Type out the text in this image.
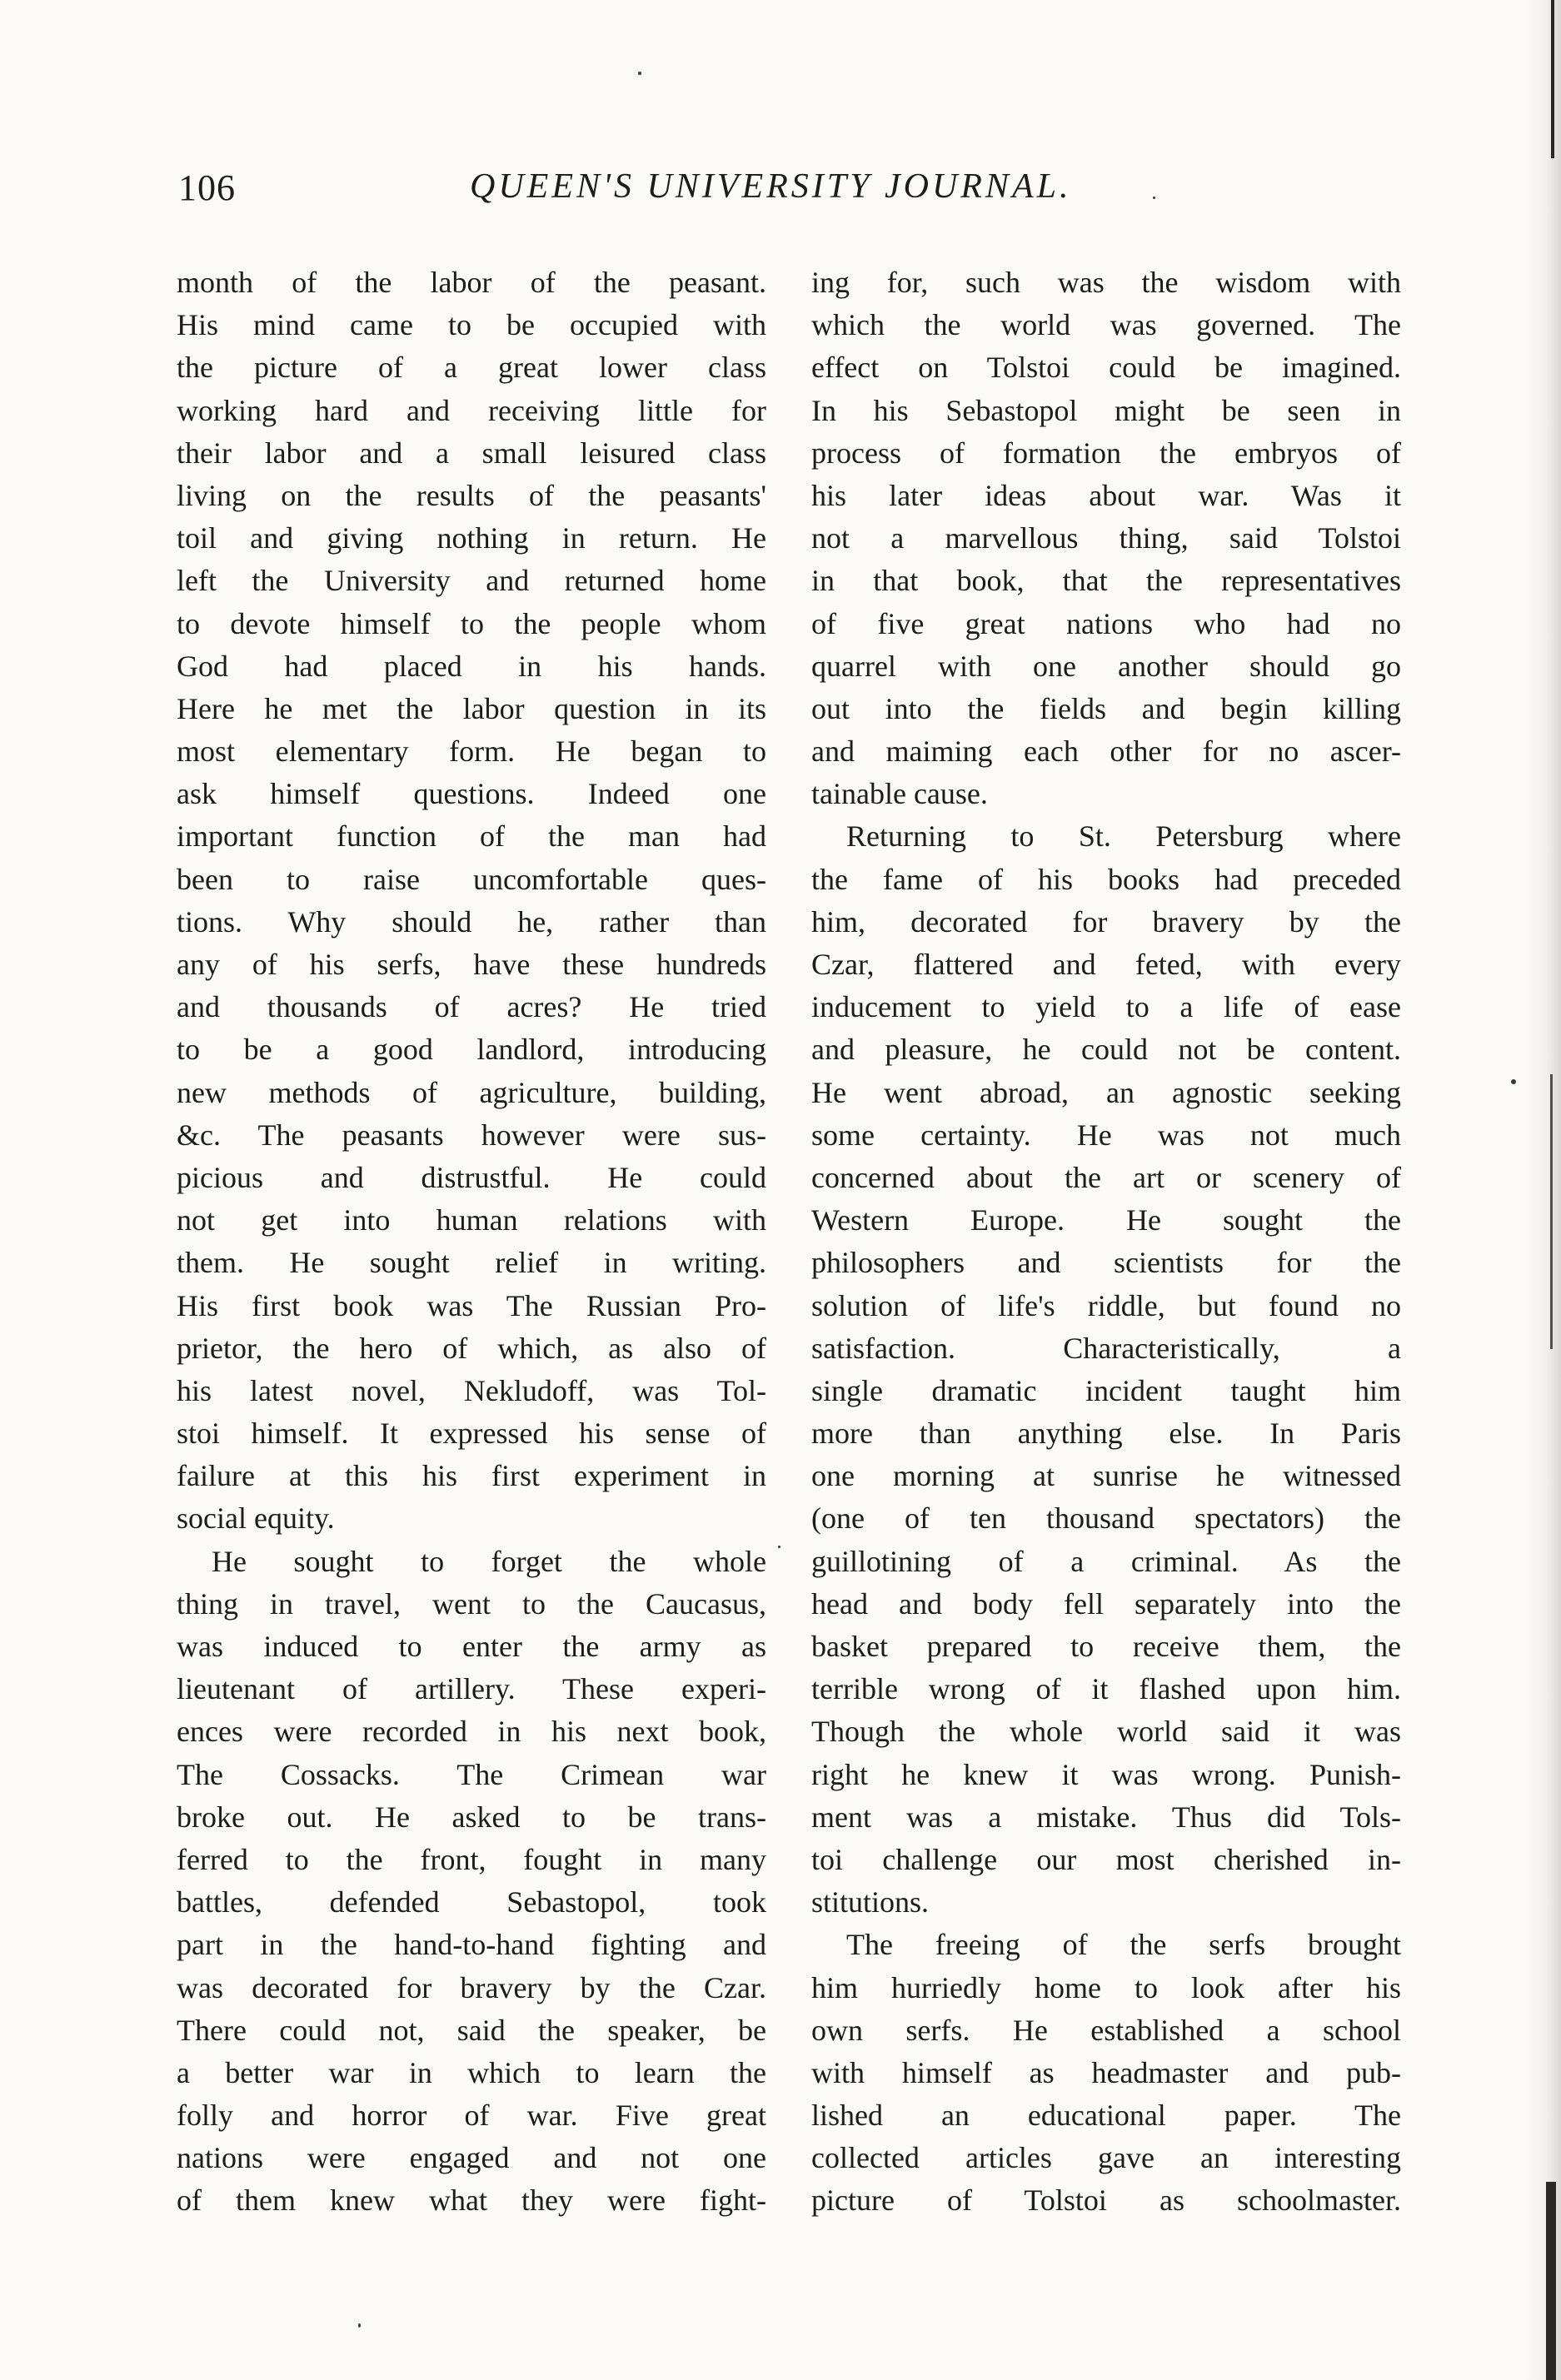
106	QUEEN'S UNIVERSITY JOURNAL.
month of the labor of the peasant.
His mind came to be occupied with
the picture of a great lower class
working hard and receiving little for
their labor and a small leisured class
living on the results of the peasants'
toil and giving nothing in return. He
left the University and returned home
to devote himself to the people whom
God had placed in his hands.
Here he met the labor question in its
most elementary form. He began to
ask himself questions. Indeed one
important function of the man had
been to raise uncomfortable ques-
tions. Why should he, rather than
any of his serfs, have these hundreds
and thousands of acres? He tried
to be a good landlord, introducing
new methods of agriculture, building,
&c. The peasants however were sus-
picious and distrustful. He could
not get into human relations with
them. He sought relief in writing.
His first book was The Russian Pro-
prietor, the hero of which, as also of
his latest novel, Nekludoff, was Tol-
stoi himself. It expressed his sense of
failure at this his first experiment in
social equity.
He sought to forget the whole
thing in travel, went to the Caucasus,
was induced to enter the army as
lieutenant of artillery. These experi-
ences were recorded in his next book,
The Cossacks. The Crimean war
broke out. He asked to be trans-
ferred to the front, fought in many
battles, defended Sebastopol, took
part in the hand-to-hand fighting and
was decorated for bravery by the Czar.
There could not, said the speaker, be
a better war in which to learn the
folly and horror of war. Five great
nations were engaged and not one
of them knew what they were fight-
ing for, such was the wisdom with
which the world was governed. The
effect on Tolstoi could be imagined.
In his Sebastopol might be seen in
process of formation the embryos of
his later ideas about war. Was it
not a marvellous thing, said Tolstoi
in that book, that the representatives
of five great nations who had no
quarrel with one another should go
out into the fields and begin killing
and maiming each other for no ascer-
tainable cause.
Returning to St. Petersburg where
the fame of his books had preceded
him, decorated for bravery by the
Czar, flattered and feted, with every
inducement to yield to a life of ease
and pleasure, he could not be content.
He went abroad, an agnostic seeking
some certainty. He was not much
concerned about the art or scenery of
Western Europe. He sought the
philosophers and scientists for the
solution of life's riddle, but found no
satisfaction. Characteristically, a
single dramatic incident taught him
more than anything else. In Paris
one morning at sunrise he witnessed
(one of ten thousand spectators) the
guillotining of a criminal. As the
head and body fell separately into the
basket prepared to receive them, the
terrible wrong of it flashed upon him.
Though the whole world said it was
right he knew it was wrong. Punish-
ment was a mistake. Thus did Tols-
toi challenge our most cherished in-
stitutions.
The freeing of the serfs brought
him hurriedly home to look after his
own serfs. He established a school
with himself as headmaster and pub-
lished an educational paper. The
collected articles gave an interesting
picture of Tolstoi as schoolmaster.
